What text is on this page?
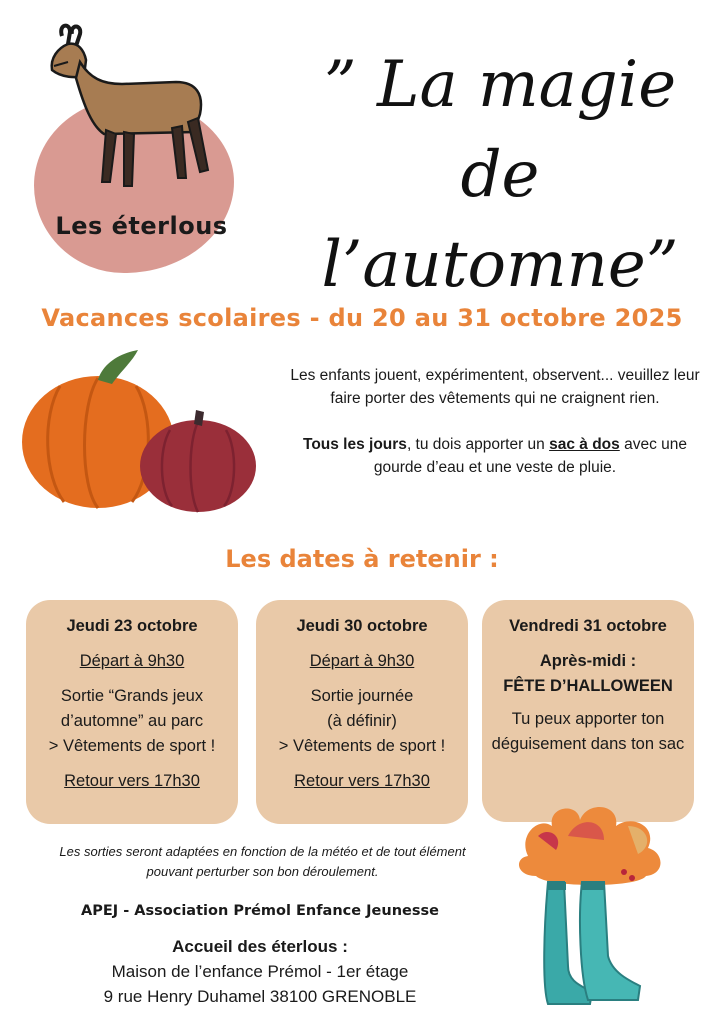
Les éterlous
” La magie de
l’automne”
Vacances scolaires - du 20 au 31 octobre 2025

Les enfants jouent, expérimentent, observent... veuillez leur faire porter des vêtements qui ne craignent rien.

Tous les jours, tu dois apporter un sac à dos avec une gourde d’eau et une veste de pluie.

Les dates à retenir :
Jeudi 23 octobre
Départ à 9h30
Sortie “Grands jeux
d’automne” au parc
> Vêtements de sport !
Retour vers 17h30
Jeudi 30 octobre
Départ à 9h30
Sortie journée
(à définir)
> Vêtements de sport !
Retour vers 17h30
Vendredi 31 octobre
Après-midi :
FÊTE D’HALLOWEEN
Tu peux apporter ton déguisement dans ton sac
Les sorties seront adaptées en fonction de la météo et de tout élément pouvant perturber son bon déroulement.
APEJ - Association Prémol Enfance Jeunesse
Accueil des éterlous :
Maison de l’enfance Prémol - 1er étage
9 rue Henry Duhamel 38100 GRENOBLE
